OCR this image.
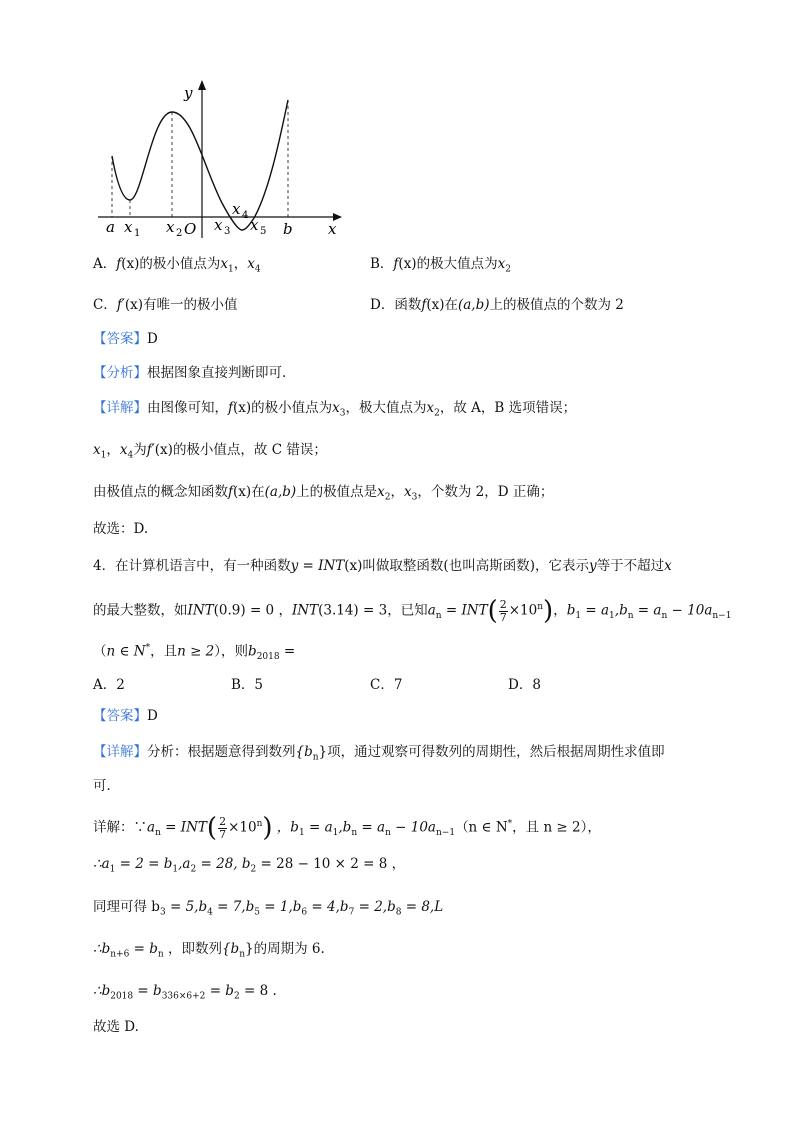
y
x
a x 1 x 2 O x 3
x 4
x 5 b
A．f(x)的极小值点为$x_1$，$x_4$	B．f(x)的极大值点为$x_2$
C．f′(x)有唯一的极小值	D．函数f(x)在(a,b)上的极值点的个数为 2
【答案】D
【分析】根据图象直接判断即可.
【详解】由图像可知，f(x)的极小值点为$x_3$，极大值点为$x_2$，故 A，B 选项错误；
$x_1$，$x_4$为f′(x)的极小值点，故 C 错误；
由极值点的概念知函数f(x)在(a,b)上的极值点是$x_2$，$x_3$，个数为 2，D 正确；
故选：D.
4．在计算机语言中，有一种函数y = INT(x)叫做取整函数(也叫高斯函数)，它表示y等于不超过x
的最大整数，如INT(0.9) = 0 ，INT(3.14) = 3，已知$a_n = INT( \frac{2}{7} \times 10^n)$，$b_1 = a_1,b_n = a_n - 10a_{n-1}$
（n ∈ N*，且n ≥ 2），则$b_{2018}$ =
A．2	B．5	C．7	D．8
【答案】D
【详解】分析：根据题意得到数列$\{b_n\}$项，通过观察可得数列的周期性，然后根据周期性求值即
可．
详解：$\because a_n = INT( \frac{2}{7} \times 10^n)$ ，$b_1 = a_1,b_n = a_n - 10a_{n-1}(n$ ∈ N*，且 n ≥ 2），
$\therefore a_1 = 2 = b_1,a_2 = 28$, $b_2 = 28 - 10 \times 2 = 8$ ，
同理可得 $b_3 = 5,b_4 = 7,b_5 = 1,b_6 = 4,b_7 = 2,b_8 = 8,L$
$\therefore b_{n+6} = b_n$ ，即数列$\{b_n\}$的周期为 6.
$\therefore b_{2018} = b_{336\times 6+2} = b_2 = 8$ .
故选 D.
